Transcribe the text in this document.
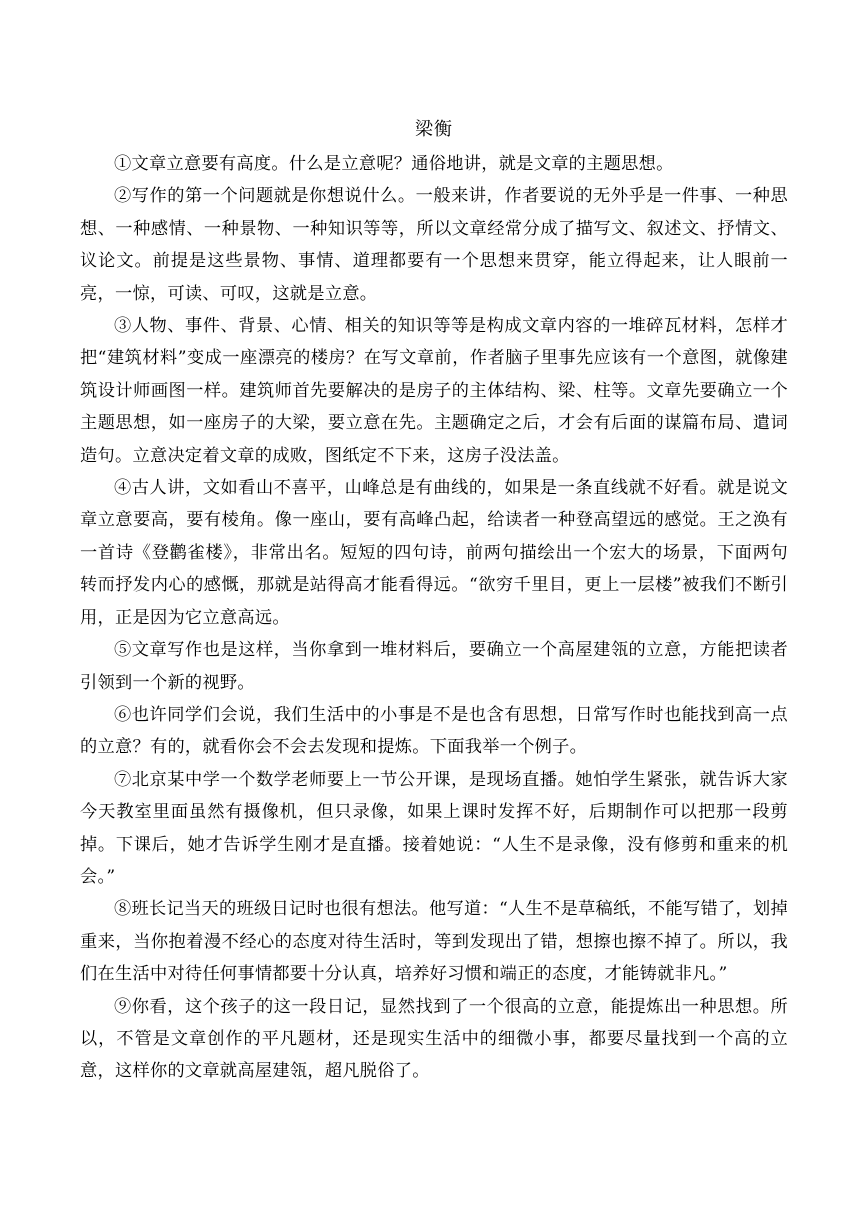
梁衡

①文章立意要有高度。什么是立意呢？通俗地讲，就是文章的主题思想。

②写作的第一个问题就是你想说什么。一般来讲，作者要说的无外乎是一件事、一种思想、一种感情、一种景物、一种知识等等，所以文章经常分成了描写文、叙述文、抒情文、议论文。前提是这些景物、事情、道理都要有一个思想来贯穿，能立得起来，让人眼前一亮，一惊，可读、可叹，这就是立意。

③人物、事件、背景、心情、相关的知识等等是构成文章内容的一堆碎瓦材料，怎样才把“建筑材料”变成一座漂亮的楼房？在写文章前，作者脑子里事先应该有一个意图，就像建筑设计师画图一样。建筑师首先要解决的是房子的主体结构、梁、柱等。文章先要确立一个主题思想，如一座房子的大梁，要立意在先。主题确定之后，才会有后面的谋篇布局、遣词造句。立意决定着文章的成败，图纸定不下来，这房子没法盖。

④古人讲，文如看山不喜平，山峰总是有曲线的，如果是一条直线就不好看。就是说文章立意要高，要有棱角。像一座山，要有高峰凸起，给读者一种登高望远的感觉。王之涣有一首诗《登鹳雀楼》，非常出名。短短的四句诗，前两句描绘出一个宏大的场景，下面两句转而抒发内心的感慨，那就是站得高才能看得远。“欲穷千里目，更上一层楼”被我们不断引用，正是因为它立意高远。

⑤文章写作也是这样，当你拿到一堆材料后，要确立一个高屋建瓴的立意，方能把读者引领到一个新的视野。

⑥也许同学们会说，我们生活中的小事是不是也含有思想，日常写作时也能找到高一点的立意？有的，就看你会不会去发现和提炼。下面我举一个例子。

⑦北京某中学一个数学老师要上一节公开课，是现场直播。她怕学生紧张，就告诉大家今天教室里面虽然有摄像机，但只录像，如果上课时发挥不好，后期制作可以把那一段剪掉。下课后，她才告诉学生刚才是直播。接着她说：“人生不是录像，没有修剪和重来的机会。”

⑧班长记当天的班级日记时也很有想法。他写道：“人生不是草稿纸，不能写错了，划掉重来，当你抱着漫不经心的态度对待生活时，等到发现出了错，想擦也擦不掉了。所以，我们在生活中对待任何事情都要十分认真，培养好习惯和端正的态度，才能铸就非凡。”

⑨你看，这个孩子的这一段日记，显然找到了一个很高的立意，能提炼出一种思想。所以，不管是文章创作的平凡题材，还是现实生活中的细微小事，都要尽量找到一个高的立意，这样你的文章就高屋建瓴，超凡脱俗了。
